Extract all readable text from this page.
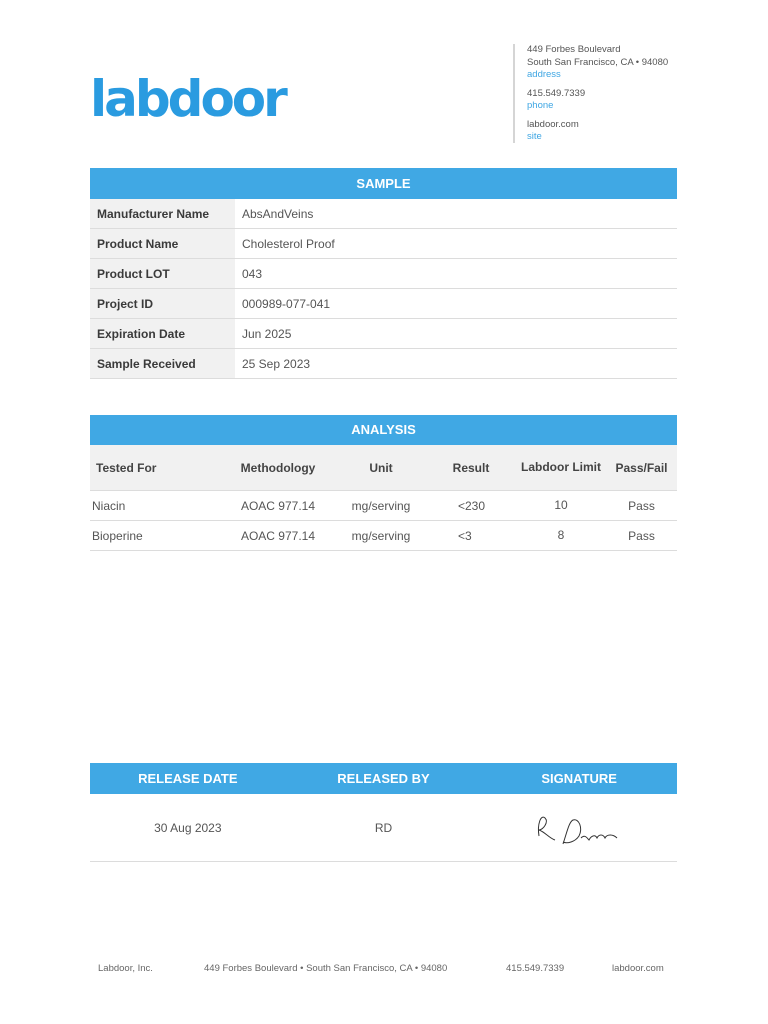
labdoor
449 Forbes Boulevard
South San Francisco, CA • 94080
address
415.549.7339
phone
labdoor.com
site
SAMPLE
Manufacturer Name	AbsAndVeins
Product Name	Cholesterol Proof
Product LOT	043
Project ID	000989-077-041
Expiration Date	Jun 2025
Sample Received	25 Sep 2023
ANALYSIS
Tested For	Methodology	Unit	Result	Labdoor Limit	Pass/Fail
Niacin	AOAC 977.14	mg/serving	<230	10	Pass
Bioperine	AOAC 977.14	mg/serving	<3	8	Pass
RELEASE DATE	RELEASED BY	SIGNATURE
30 Aug 2023	RD
Labdoor, Inc.	449 Forbes Boulevard • South San Francisco, CA • 94080	415.549.7339	labdoor.com
